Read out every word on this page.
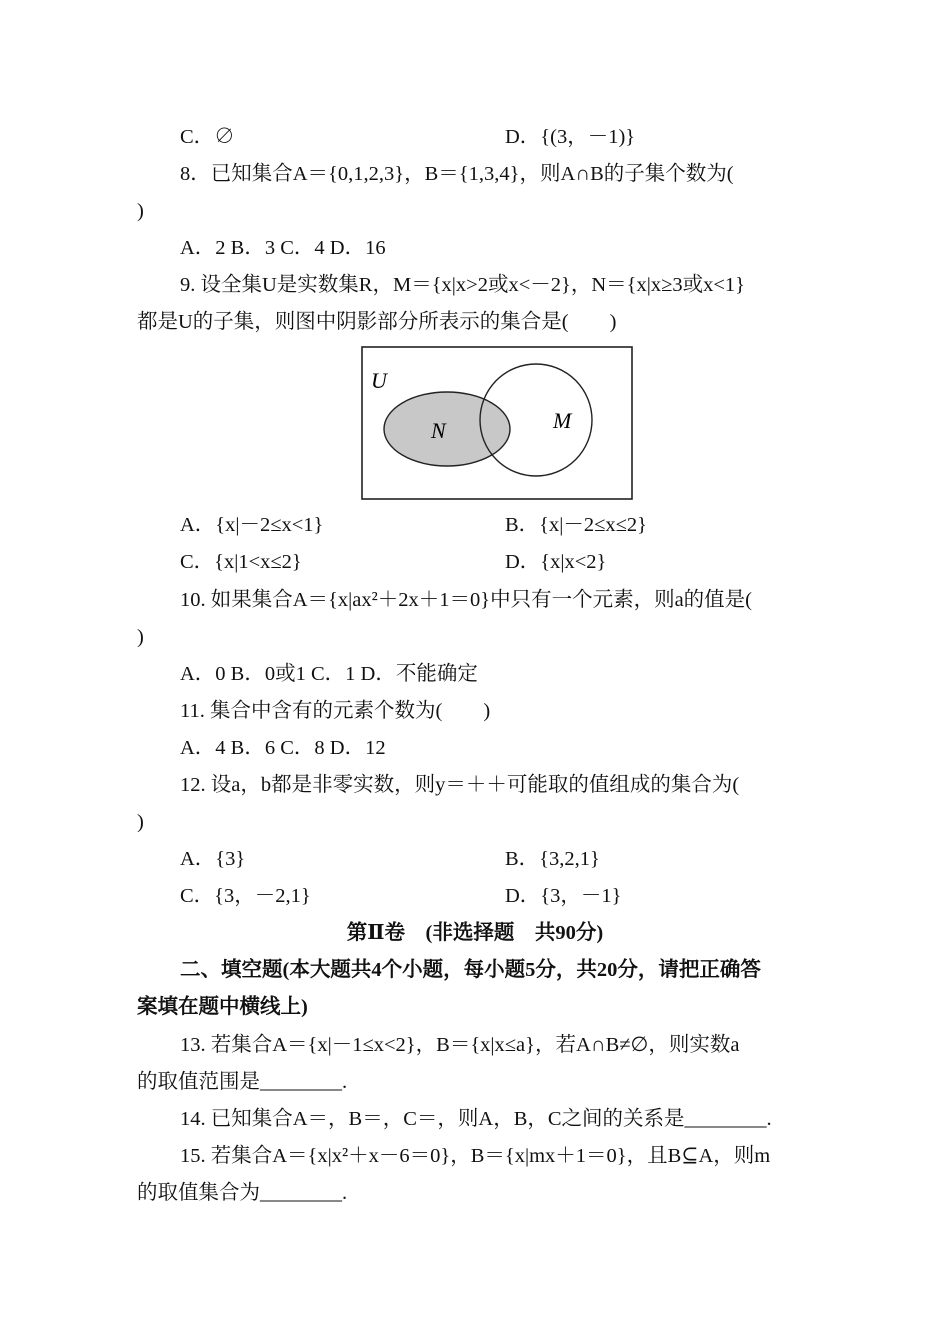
C．∅	D．{(3，－1)}
8．已知集合A＝{0,1,2,3}，B＝{1,3,4}，则A∩B的子集个数为(
)
A．2 B．3 C．4 D．16
9. 设全集U是实数集R，M＝{x|x>2或x<－2}，N＝{x|x≥3或x<1}
都是U的子集，则图中阴影部分所表示的集合是(　　)
U
N	M
A．{x|－2≤x<1}	B．{x|－2≤x≤2}
C．{x|1<x≤2}	D．{x|x<2}
10. 如果集合A＝{x|ax²＋2x＋1＝0}中只有一个元素，则a的值是(
)
A．0 B．0或1 C．1 D．不能确定
11. 集合中含有的元素个数为(　　)
A．4 B．6 C．8 D．12
12. 设a，b都是非零实数，则y＝＋＋可能取的值组成的集合为(
)
A．{3}	B．{3,2,1}
C．{3，－2,1}	D．{3，－1}
第Ⅱ卷　(非选择题　共90分)
二、填空题(本大题共4个小题，每小题5分，共20分，请把正确答
案填在题中横线上)
13. 若集合A＝{x|－1≤x<2}，B＝{x|x≤a}，若A∩B≠∅，则实数a
的取值范围是________.
14. 已知集合A＝，B＝，C＝，则A，B，C之间的关系是________.
15. 若集合A＝{x|x²＋x－6＝0}，B＝{x|mx＋1＝0}，且B⊆A，则m
的取值集合为________.
